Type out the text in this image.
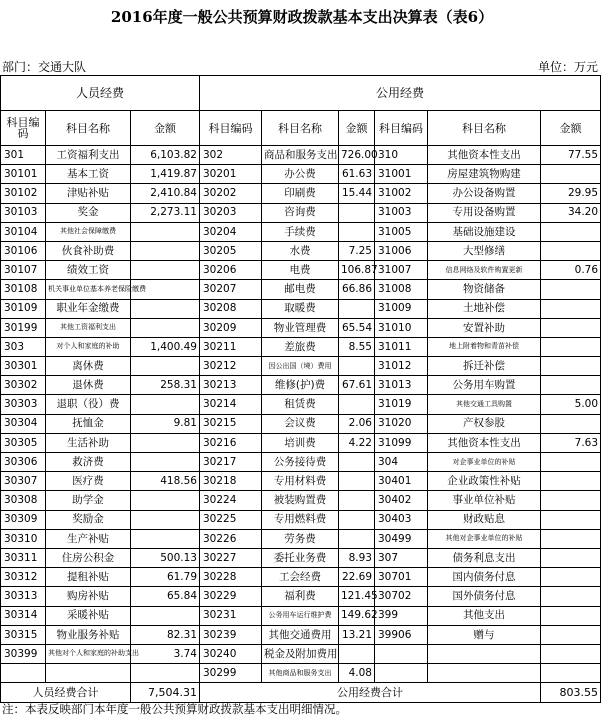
2016年度一般公共预算财政拨款基本支出决算表（表6）
部门：交通大队	单位：万元
人员经费			公用经费					
科目编码	科目名称	金额	科目编码	科目名称	金额	科目编码	科目名称	金额
301	工资福利支出	6,103.82	302	商品和服务支出	726.00	310	其他资本性支出	77.55
30101	基本工资	1,419.87	30201	办公费	61.63	31001	房屋建筑物购建	
30102	津贴补贴	2,410.84	30202	印刷费	15.44	31002	办公设备购置	29.95
30103	奖金	2,273.11	30203	咨询费		31003	专用设备购置	34.20
30104	其他社会保障缴费		30204	手续费		31005	基础设施建设	
30106	伙食补助费		30205	水费	7.25	31006	大型修缮	
30107	绩效工资		30206	电费	106.87	31007	信息网络及软件购置更新	0.76
30108	机关事业单位基本养老保险缴费		30207	邮电费	66.86	31008	物资储备	
30109	职业年金缴费		30208	取暖费		31009	土地补偿	
30199	其他工资福利支出		30209	物业管理费	65.54	31010	安置补助	
303	对个人和家庭的补助	1,400.49	30211	差旅费	8.55	31011	地上附着物和青苗补偿	
30301	离休费		30212	因公出国（境）费用		31012	拆迁补偿	
30302	退休费	258.31	30213	维修(护)费	67.61	31013	公务用车购置	
30303	退职（役）费		30214	租赁费		31019	其他交通工具购置	5.00
30304	抚恤金	9.81	30215	会议费	2.06	31020	产权参股	
30305	生活补助		30216	培训费	4.22	31099	其他资本性支出	7.63
30306	救济费		30217	公务接待费		304	对企事业单位的补贴	
30307	医疗费	418.56	30218	专用材料费		30401	企业政策性补贴	
30308	助学金		30224	被装购置费		30402	事业单位补贴	
30309	奖励金		30225	专用燃料费		30403	财政贴息	
30310	生产补贴		30226	劳务费		30499	其他对企事业单位的补贴	
30311	住房公积金	500.13	30227	委托业务费	8.93	307	债务利息支出	
30312	提租补贴	61.79	30228	工会经费	22.69	30701	国内债务付息	
30313	购房补贴	65.84	30229	福利费	121.45	30702	国外债务付息	
30314	采暖补贴		30231	公务用车运行维护费	149.62	399	其他支出	
30315	物业服务补贴	82.31	30239	其他交通费用	13.21	39906	赠与	
30399	其他对个人和家庭的补助支出	3.74	30240	税金及附加费用				
			30299	其他商品和服务支出	4.08			
人员经费合计		7,504.31	公用经费合计					803.55
注：本表反映部门本年度一般公共预算财政拨款基本支出明细情况。
